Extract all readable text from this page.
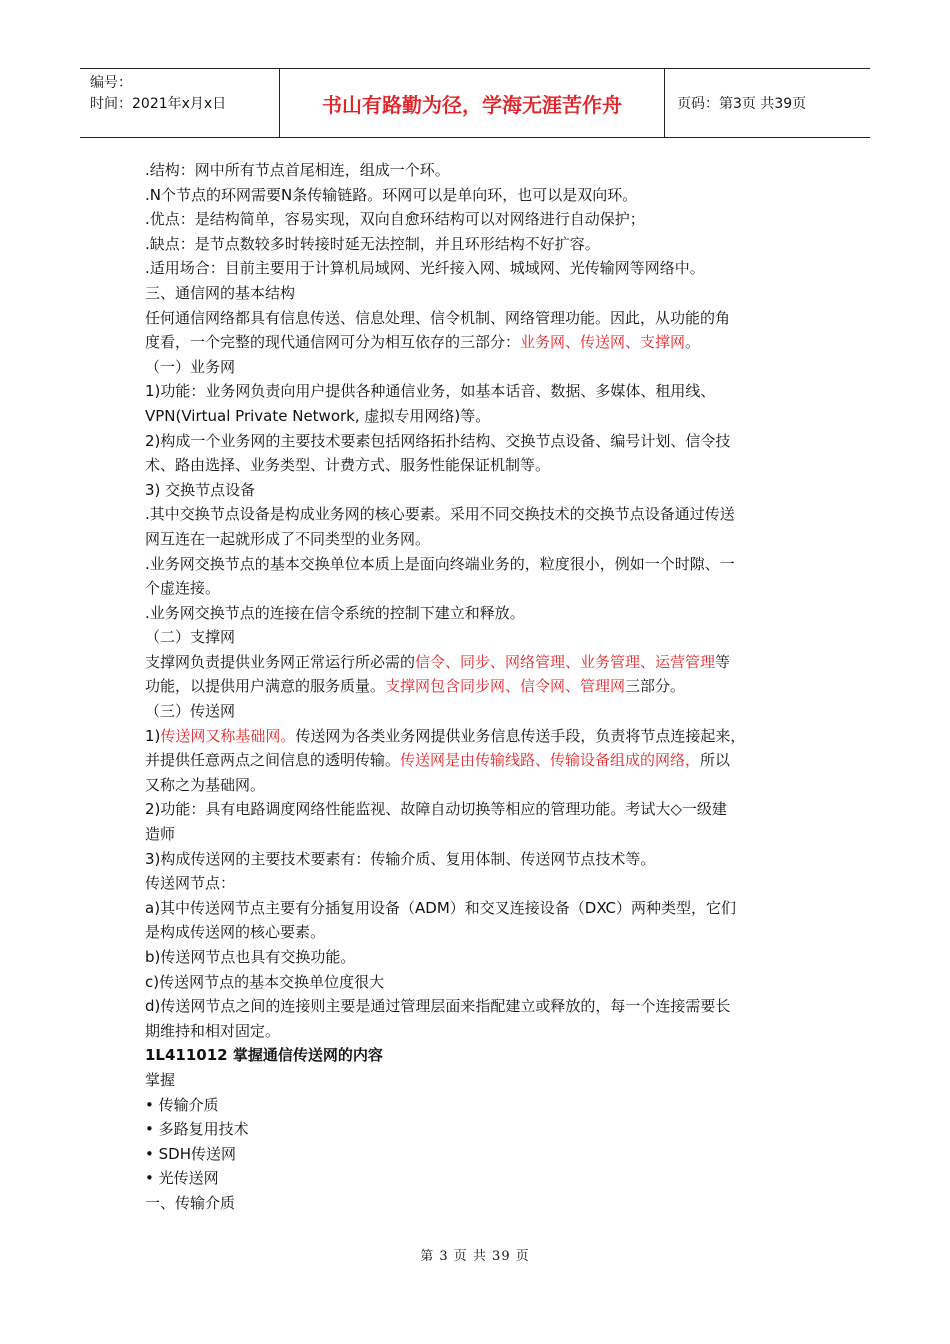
编号：
时间：2021年x月x日	书山有路勤为径，学海无涯苦作舟	页码：第3页 共39页

.结构：网中所有节点首尾相连，组成一个环。

.N个节点的环网需要N条传输链路。环网可以是单向环，也可以是双向环。

.优点：是结构简单，容易实现，双向自愈环结构可以对网络进行自动保护；

.缺点：是节点数较多时转接时延无法控制，并且环形结构不好扩容。

.适用场合：目前主要用于计算机局域网、光纤接入网、城域网、光传输网等网络中。

三、通信网的基本结构

任何通信网络都具有信息传送、信息处理、信令机制、网络管理功能。因此，从功能的角

度看，一个完整的现代通信网可分为相互依存的三部分：业务网、传送网、支撑网。

（一）业务网

1)功能：业务网负责向用户提供各种通信业务，如基本话音、数据、多媒体、租用线、

VPN(Virtual Private Network, 虚拟专用网络)等。

2)构成一个业务网的主要技术要素包括网络拓扑结构、交换节点设备、编号计划、信令技

术、路由选择、业务类型、计费方式、服务性能保证机制等。

3) 交换节点设备

.其中交换节点设备是构成业务网的核心要素。采用不同交换技术的交换节点设备通过传送

网互连在一起就形成了不同类型的业务网。

.业务网交换节点的基本交换单位本质上是面向终端业务的，粒度很小，例如一个时隙、一

个虚连接。

.业务网交换节点的连接在信令系统的控制下建立和释放。

（二）支撑网

支撑网负责提供业务网正常运行所必需的信令、同步、网络管理、业务管理、运营管理等

功能，以提供用户满意的服务质量。支撑网包含同步网、信令网、管理网三部分。

（三）传送网

1)传送网又称基础网。传送网为各类业务网提供业务信息传送手段，负责将节点连接起来，

并提供任意两点之间信息的透明传输。传送网是由传输线路、传输设备组成的网络，所以

又称之为基础网。

2)功能：具有电路调度网络性能监视、故障自动切换等相应的管理功能。考试大◇一级建

造师

3)构成传送网的主要技术要素有：传输介质、复用体制、传送网节点技术等。

传送网节点：

a)其中传送网节点主要有分插复用设备（ADM）和交叉连接设备（DXC）两种类型，它们

是构成传送网的核心要素。

b)传送网节点也具有交换功能。

c)传送网节点的基本交换单位度很大

d)传送网节点之间的连接则主要是通过管理层面来指配建立或释放的，每一个连接需要长

期维持和相对固定。

1L411012 掌握通信传送网的内容

掌握

• 传输介质

• 多路复用技术

• SDH传送网

• 光传送网

一、传输介质

第 3 页 共 39 页
